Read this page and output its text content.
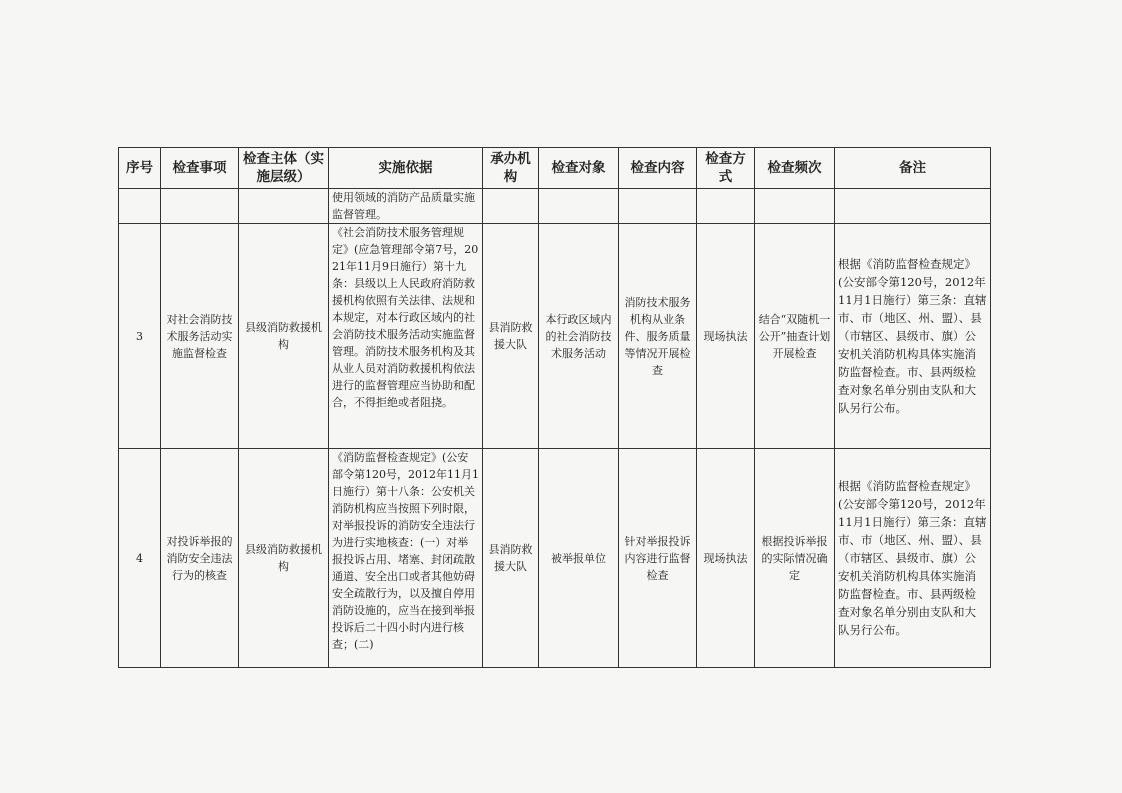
序号	检查事项	检查主体（实施层级）	实施依据	承办机构	检查对象	检查内容	检查方式	检查频次	备注
			使用领域的消防产品质量实施监督管理。						
3	对社会消防技术服务活动实施监督检查	县级消防救援机构	《社会消防技术服务管理规定》(应急管理部令第7号，2021年11月9日施行）第十九条：县级以上人民政府消防救援机构依照有关法律、法规和本规定，对本行政区域内的社会消防技术服务活动实施监督管理。消防技术服务机构及其从业人员对消防救援机构依法进行的监督管理应当协助和配合，不得拒绝或者阻挠。	县消防救援大队	本行政区域内的社会消防技术服务活动	消防技术服务机构从业条件、服务质量等情况开展检查	现场执法	结合“双随机一公开”抽查计划开展检查	根据《消防监督检查规定》(公安部令第120号，2012年11月1日施行）第三条：直辖市、市（地区、州、盟）、县（市辖区、县级市、旗）公安机关消防机构具体实施消防监督检查。市、县两级检查对象名单分别由支队和大队另行公布。
4	对投诉举报的消防安全违法行为的核查	县级消防救援机构	《消防监督检查规定》(公安部令第120号，2012年11月1日施行）第十八条：公安机关消防机构应当按照下列时限，对举报投诉的消防安全违法行为进行实地核查：(一）对举报投诉占用、堵塞、封闭疏散通道、安全出口或者其他妨碍安全疏散行为，以及擅自停用消防设施的，应当在接到举报投诉后二十四小时内进行核查；(二)	县消防救援大队	被举报单位	针对举报投诉内容进行监督检查	现场执法	根据投诉举报的实际情况确定	根据《消防监督检查规定》(公安部令第120号，2012年11月1日施行）第三条：直辖市、市（地区、州、盟）、县（市辖区、县级市、旗）公安机关消防机构具体实施消防监督检查。市、县两级检查对象名单分别由支队和大队另行公布。
